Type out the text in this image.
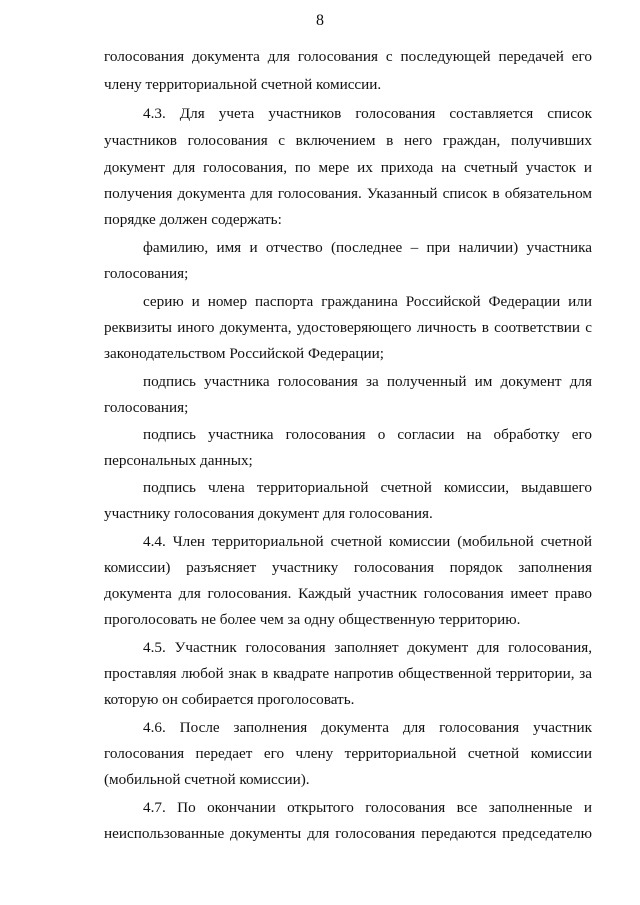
8
голосования документа для голосования с последующей передачей его
члену территориальной счетной комиссии.
4.3. Для учета участников голосования составляется список
участников голосования с включением в него граждан, получивших
документ для голосования, по мере их прихода на счетный участок и
получения документа для голосования. Указанный список в обязательном
порядке должен содержать:
фамилию, имя и отчество (последнее – при наличии) участника
голосования;
серию и номер паспорта гражданина Российской Федерации или
реквизиты иного документа, удостоверяющего личность в соответствии с
законодательством Российской Федерации;
подпись участника голосования за полученный им документ для
голосования;
подпись участника голосования о согласии на обработку его
персональных данных;
подпись члена территориальной счетной комиссии, выдавшего
участнику голосования документ для голосования.
4.4. Член территориальной счетной комиссии (мобильной счетной
комиссии) разъясняет участнику голосования порядок заполнения
документа для голосования. Каждый участник голосования имеет право
проголосовать не более чем за одну общественную территорию.
4.5. Участник голосования заполняет документ для голосования,
проставляя любой знак в квадрате напротив общественной территории, за
которую он собирается проголосовать.
4.6. После заполнения документа для голосования участник
голосования передает его члену территориальной счетной комиссии
(мобильной счетной комиссии).
4.7. По окончании открытого голосования все заполненные и
неиспользованные документы для голосования передаются председателю
